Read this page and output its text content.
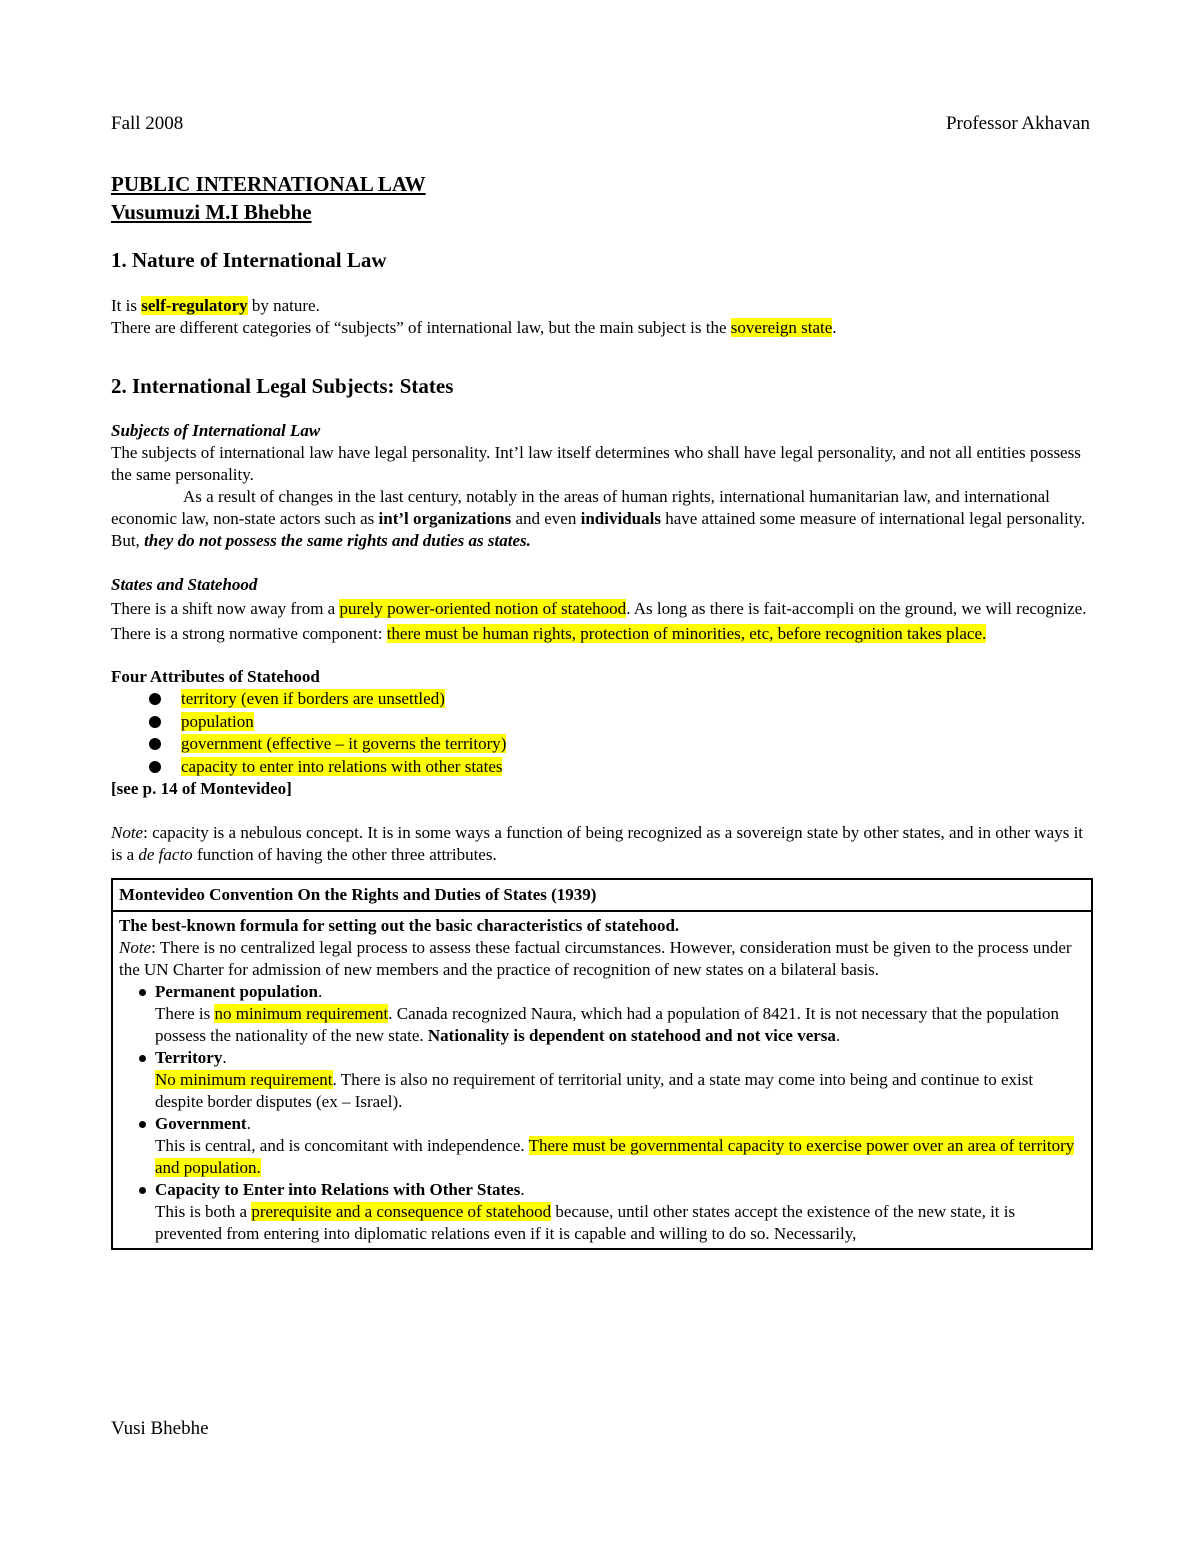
Fall 2008	Professor Akhavan
PUBLIC INTERNATIONAL LAW
Vusumuzi M.I Bhebhe
1. Nature of International Law

It is self-regulatory by nature.

There are different categories of “subjects” of international law, but the main subject is the sovereign state.

2. International Legal Subjects: States

Subjects of International Law

The subjects of international law have legal personality. Int’l law itself determines who shall have legal personality, and not all entities possess the same personality.

As a result of changes in the last century, notably in the areas of human rights, international humanitarian law, and international economic law, non-state actors such as int’l organizations and even individuals have attained some measure of international legal personality. But, they do not possess the same rights and duties as states.

States and Statehood

There is a shift now away from a purely power-oriented notion of statehood. As long as there is fait-accompli on the ground, we will recognize. There is a strong normative component: there must be human rights, protection of minorities, etc, before recognition takes place.

Four Attributes of Statehood

territory (even if borders are unsettled)
population
government (effective – it governs the territory)
capacity to enter into relations with other states

[see p. 14 of Montevideo]

Note: capacity is a nebulous concept. It is in some ways a function of being recognized as a sovereign state by other states, and in other ways it is a de facto function of having the other three attributes.

Montevideo Convention On the Rights and Duties of States (1939)

The best-known formula for setting out the basic characteristics of statehood.

Note: There is no centralized legal process to assess these factual circumstances. However, consideration must be given to the process under the UN Charter for admission of new members and the practice of recognition of new states on a bilateral basis.

Permanent population.
There is no minimum requirement. Canada recognized Naura, which had a population of 8421. It is not necessary that the population possess the nationality of the new state. Nationality is dependent on statehood and not vice versa.
Territory.
No minimum requirement. There is also no requirement of territorial unity, and a state may come into being and continue to exist despite border disputes (ex – Israel).
Government.
This is central, and is concomitant with independence. There must be governmental capacity to exercise power over an area of territory and population.
Capacity to Enter into Relations with Other States.
This is both a prerequisite and a consequence of statehood because, until other states accept the existence of the new state, it is prevented from entering into diplomatic relations even if it is capable and willing to do so. Necessarily,
Vusi Bhebhe
